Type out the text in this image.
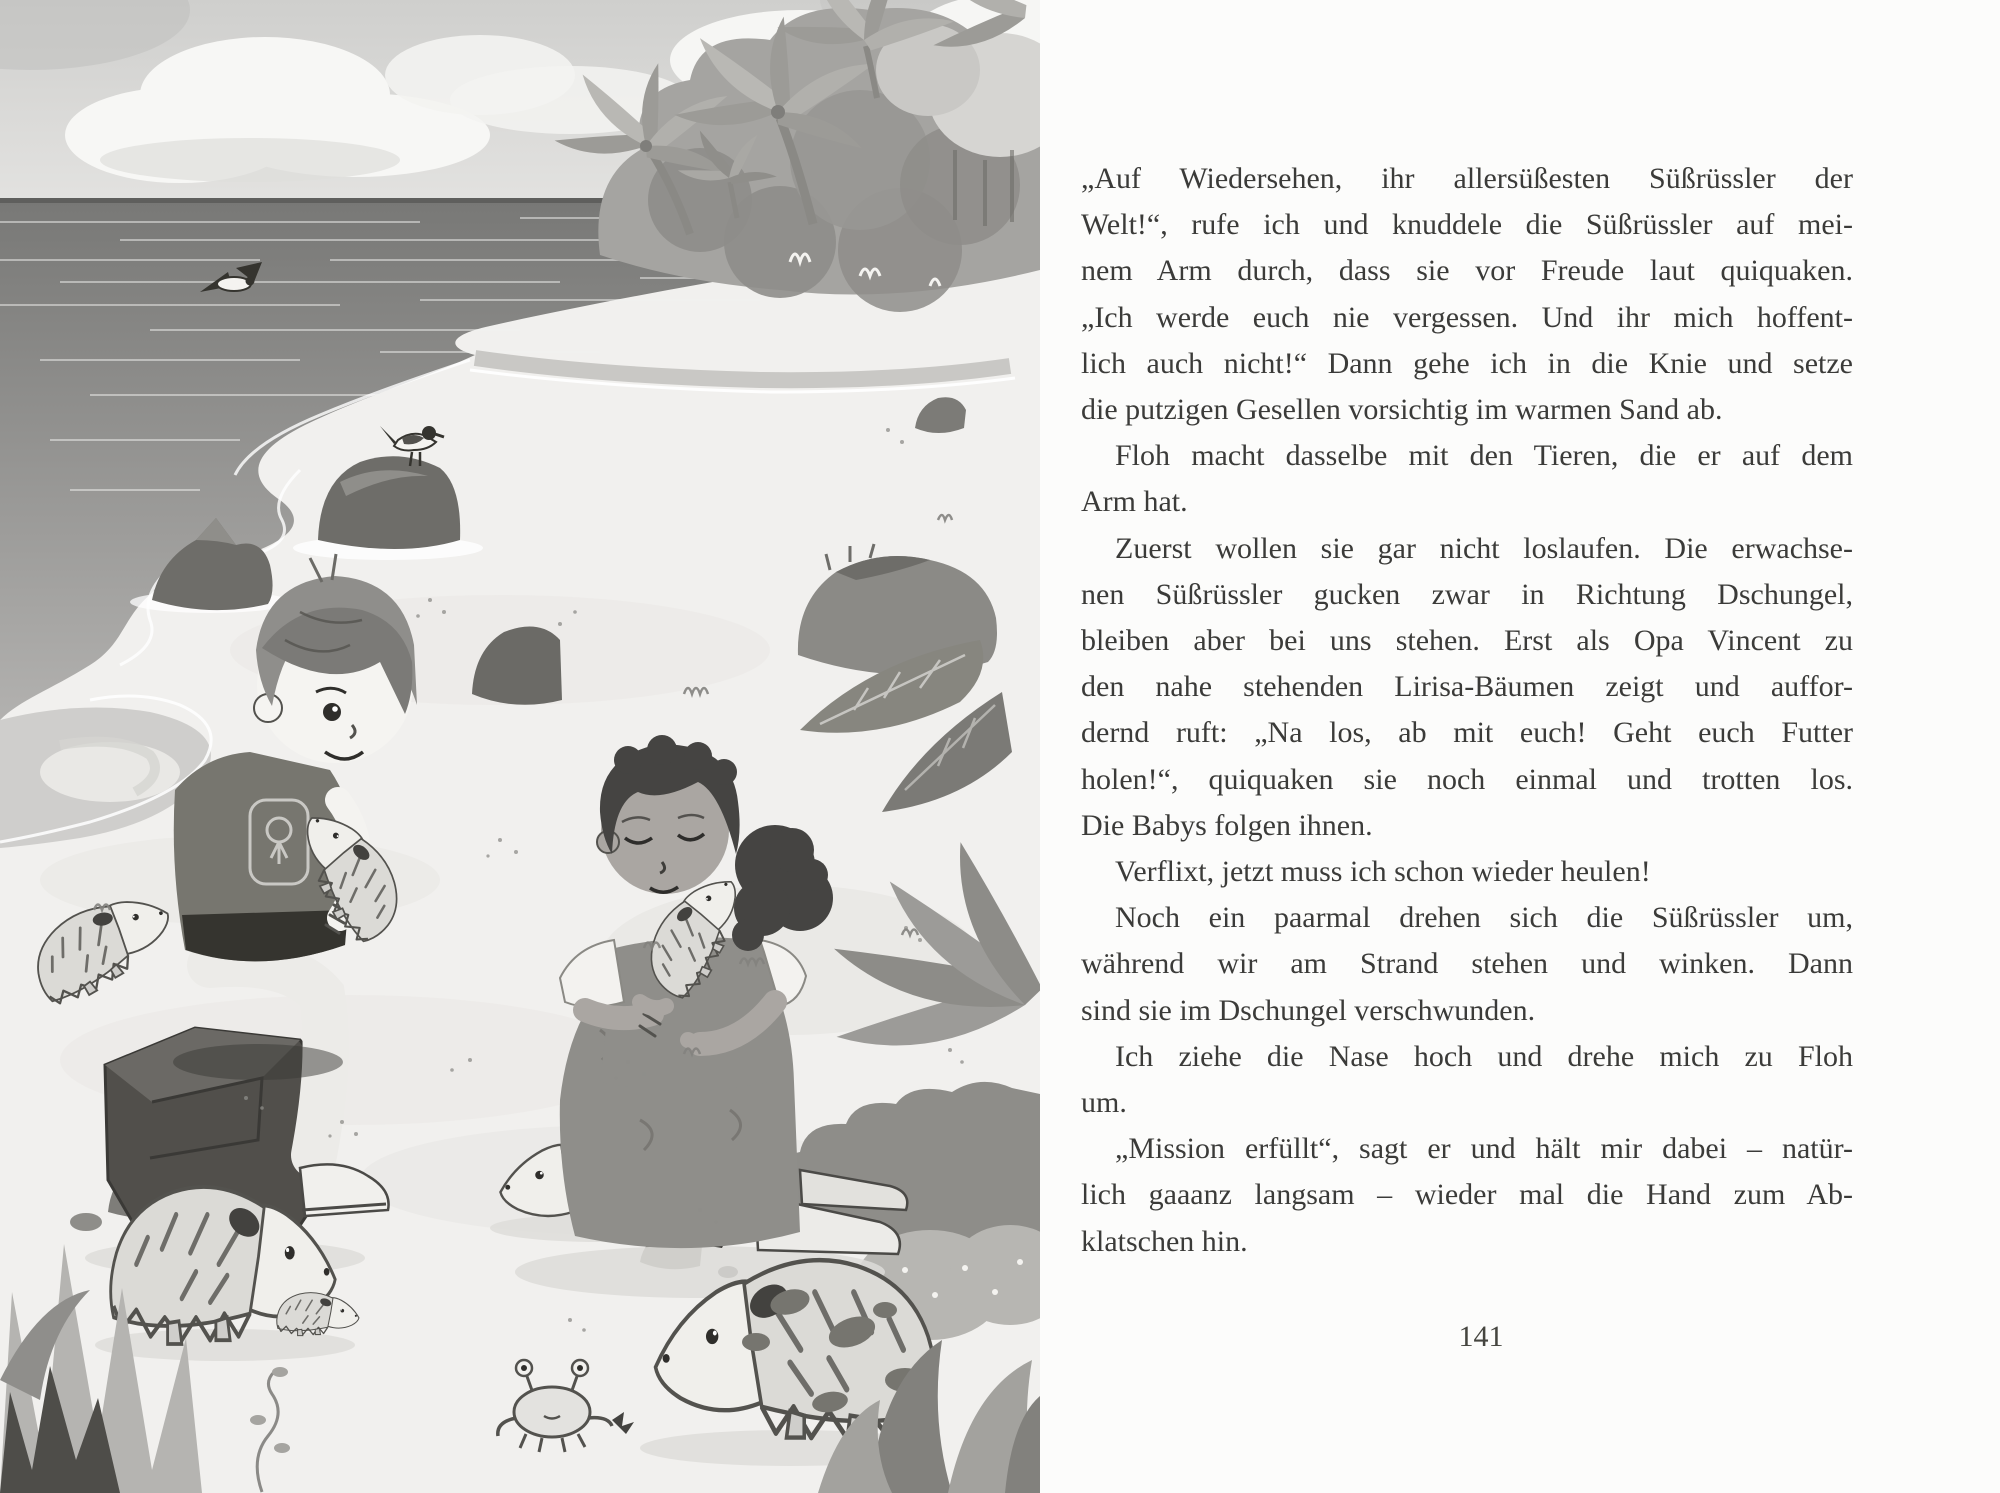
„Auf Wiedersehen, ihr allersüßesten Süßrüssler der
Welt!“, rufe ich und knuddele die Süßrüssler auf mei-
nem Arm durch, dass sie vor Freude laut quiquaken.
„Ich werde euch nie vergessen. Und ihr mich hoffent-
lich auch nicht!“ Dann gehe ich in die Knie und setze
die putzigen Gesellen vorsichtig im warmen Sand ab.
Floh macht dasselbe mit den Tieren, die er auf dem
Arm hat.
Zuerst wollen sie gar nicht loslaufen. Die erwachse-
nen Süßrüssler gucken zwar in Richtung Dschungel,
bleiben aber bei uns stehen. Erst als Opa Vincent zu
den nahe stehenden Lirisa-Bäumen zeigt und auffor-
dernd ruft: „Na los, ab mit euch! Geht euch Futter
holen!“, quiquaken sie noch einmal und trotten los.
Die Babys folgen ihnen.
Verflixt, jetzt muss ich schon wieder heulen!
Noch ein paarmal drehen sich die Süßrüssler um,
während wir am Strand stehen und winken. Dann
sind sie im Dschungel verschwunden.
Ich ziehe die Nase hoch und drehe mich zu Floh
um.
„Mission erfüllt“, sagt er und hält mir dabei – natür-
lich gaaanz langsam – wieder mal die Hand zum Ab-
klatschen hin.
141
